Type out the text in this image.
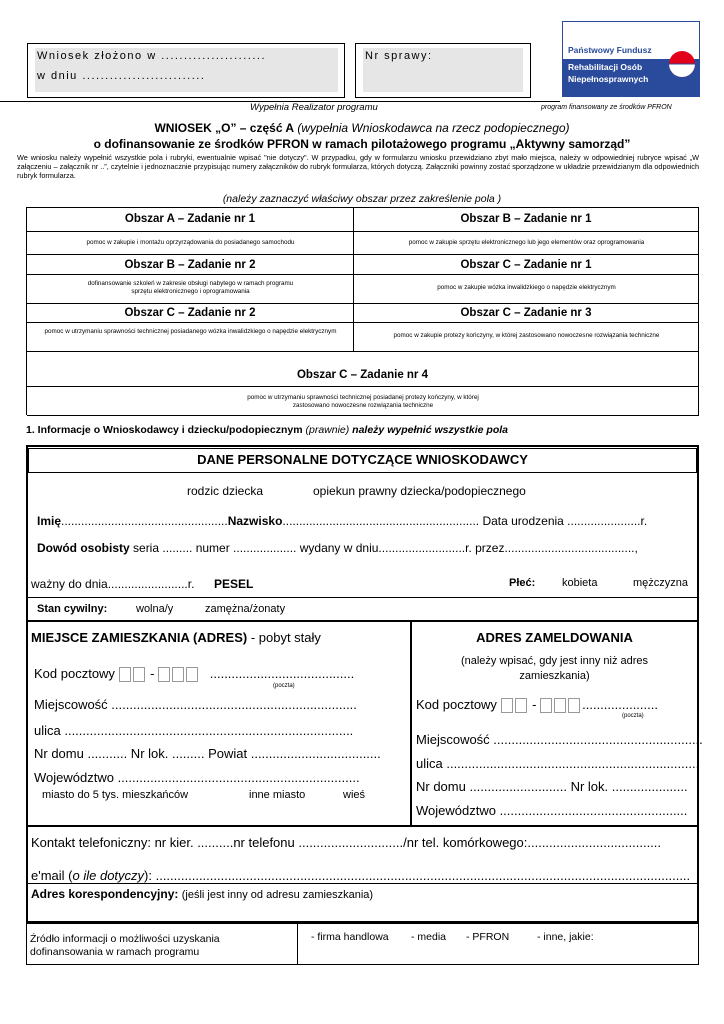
Wniosek złożono w .......................
w dniu ...........................
Nr sprawy:	Państwowy Fundusz
Rehabilitacji Osób
Niepełnosprawnych
Wypełnia Realizator programu	program finansowany ze środków PFRON
WNIOSEK „O” – część A (wypełnia Wnioskodawca na rzecz podopiecznego)
o dofinansowanie ze środków PFRON w ramach pilotażowego programu „Aktywny samorząd”
We wniosku należy wypełnić wszystkie pola i rubryki, ewentualnie wpisać "nie dotyczy". W przypadku, gdy w formularzu wniosku przewidziano zbyt mało miejsca, należy w odpowiedniej rubryce wpisać „W załączeniu – załącznik nr ..”, czytelnie i jednoznacznie przypisując numery załączników do rubryk formularza, których dotyczą. Załączniki powinny zostać sporządzone w układzie przewidzianym dla odpowiednich rubryk formularza.
(należy zaznaczyć właściwy obszar przez zakreślenie pola )
Obszar A – Zadanie nr 1
pomoc w zakupie i montażu oprzyrządowania do posiadanego samochodu
Obszar B – Zadanie nr 1
pomoc w zakupie sprzętu elektronicznego lub jego elementów oraz oprogramowania
Obszar B – Zadanie nr 2
dofinansowanie szkoleń w zakresie obsługi nabytego w ramach programu sprzętu elektronicznego i oprogramowania
Obszar C – Zadanie nr 1
pomoc w zakupie wózka inwalidzkiego o napędzie elektrycznym
Obszar C – Zadanie nr 2
pomoc w utrzymaniu sprawności technicznej posiadanego wózka inwalidzkiego o napędzie elektrycznym
Obszar C – Zadanie nr 3
pomoc w zakupie protezy kończyny, w której zastosowano nowoczesne rozwiązania techniczne
Obszar C – Zadanie nr 4
pomoc w utrzymaniu sprawności technicznej posiadanej protezy kończyny, w której zastosowano nowoczesne rozwiązania techniczne
1. Informacje o Wnioskodawcy i dziecku/podopiecznym (prawnie) należy wypełnić wszystkie pola
DANE PERSONALNE DOTYCZĄCE WNIOSKODAWCY
rodzic dziecka	opiekun prawny dziecka/podopiecznego
Imię..................................................Nazwisko........................................................... Data urodzenia ......................r.
Dowód osobisty seria ......... numer ................... wydany w dniu..........................r. przez.......................................,
ważny do dnia........................r. PESEL	Płeć: kobieta	mężczyzna
Stan cywilny:	wolna/y	zamężna/żonaty
MIEJSCE ZAMIESZKANIA (ADRES) - pobyt stały
Kod pocztowy  -	........................................
(poczta)
Miejscowość ....................................................................
ulica ................................................................................
Nr domu ........... Nr lok. ......... Powiat ....................................
Województwo ...................................................................
miasto do 5 tys. mieszkańców	inne miasto	wieś
ADRES ZAMELDOWANIA
(należy wpisać, gdy jest inny niż adres zamieszkania)
Kod pocztowy  -	.....................
(poczta)
Miejscowość ..........................................................
ulica ......................................................................
Nr domu ........................... Nr lok. .....................
Województwo ....................................................
Kontakt telefoniczny: nr kier. ..........nr telefonu ............................./nr tel. komórkowego:.....................................
e'mail (o ile dotyczy): ....................................................................................................................................................
Adres korespondencyjny: (jeśli jest inny od adresu zamieszkania)
Źródło informacji o możliwości uzyskania dofinansowania w ramach programu
- firma handlowa - media - PFRON	- inne, jakie:
